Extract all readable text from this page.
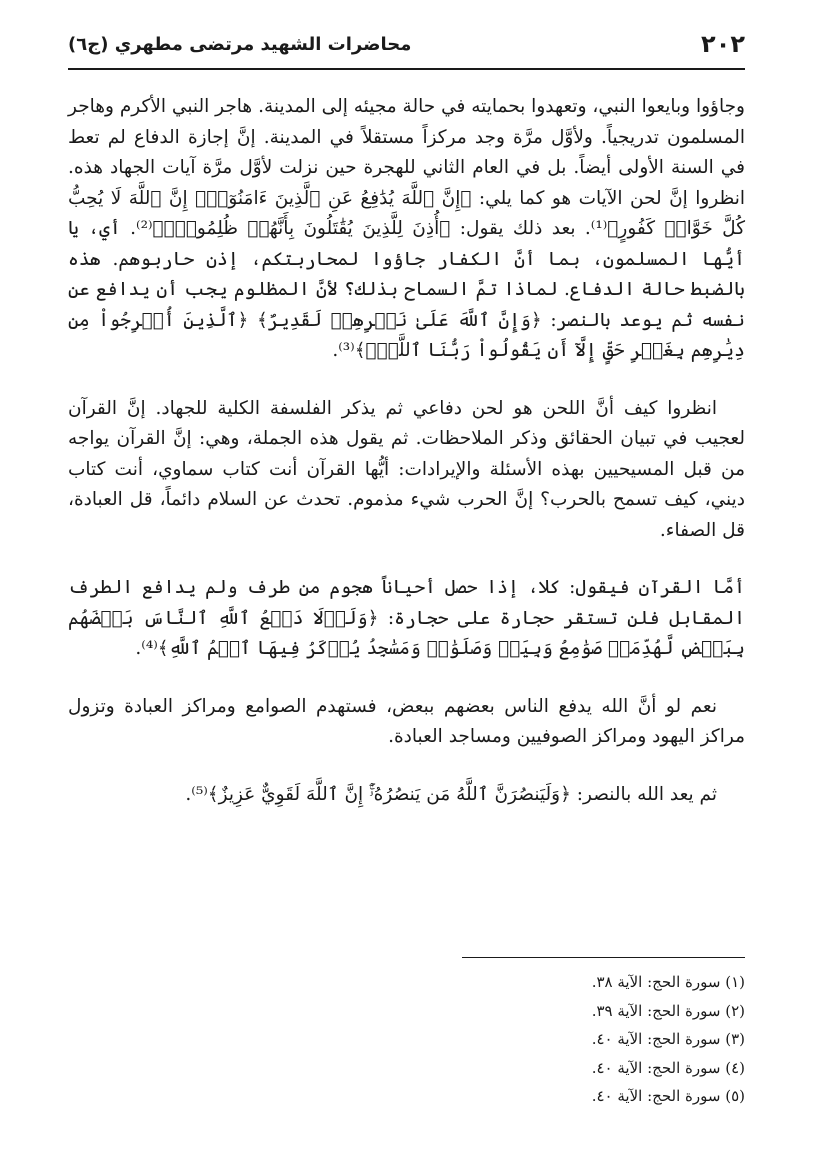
٢٠٢
محاضرات الشهيد مرتضى مطهري (ج٦)

وجاؤوا وبايعوا النبي، وتعهدوا بحمايته في حالة مجيئه إلى المدينة. هاجر النبي الأكرم وهاجر المسلمون تدريجياً. ولأوَّل مرَّة وجد مركزاً مستقلاً في المدينة. إنَّ إجازة الدفاع لم تعط في السنة الأولى أيضاً. بل في العام الثاني للهجرة حين نزلت لأوَّل مرَّة آيات الجهاد هذه. انظروا إنَّ لحن الآيات هو كما يلي: ﴿إِنَّ ٱللَّهَ يُدَٰفِعُ عَنِ ٱلَّذِينَ ءَامَنُوٓاْۗ إِنَّ ٱللَّهَ لَا يُحِبُّ كُلَّ خَوَّانٖ كَفُورٍ﴾⁽¹⁾. بعد ذلك يقول: ﴿أُذِنَ لِلَّذِينَ يُقَٰتَلُونَ بِأَنَّهُمۡ ظُلِمُواْۚ﴾⁽²⁾. أي، يا أيُّها المسلمون، بما أنَّ الكفار جاؤوا لمحاربتكم، إذن حاربوهم. هذه بالضبط حالة الدفاع. لماذا تمَّ السماح بذلك؟ لأنَّ المظلوم يجب أن يدافع عن نفسه ثم يوعد بالنصر: ﴿وَإِنَّ ٱللَّهَ عَلَىٰ نَصۡرِهِمۡ لَقَدِيرٌ﴾ ﴿ٱلَّذِينَ أُخۡرِجُواْ مِن دِيَٰرِهِم بِغَيۡرِ حَقٍّ إِلَّآ أَن يَقُولُواْ رَبُّنَا ٱللَّهُۗ﴾⁽³⁾.

انظروا كيف أنَّ اللحن هو لحن دفاعي ثم يذكر الفلسفة الكلية للجهاد. إنَّ القرآن لعجيب في تبيان الحقائق وذكر الملاحظات. ثم يقول هذه الجملة، وهي: إنَّ القرآن يواجه من قبل المسيحيين بهذه الأسئلة والإيرادات: أيُّها القرآن أنت كتاب سماوي، أنت كتاب ديني، كيف تسمح بالحرب؟ إنَّ الحرب شيء مذموم. تحدث عن السلام دائماً، قل العبادة، قل الصفاء.

أمَّا القرآن فيقول: كلا، إذا حصل أحياناً هجوم من طرف ولم يدافع الطرف المقابل فلن تستقر حجارة على حجارة: ﴿وَلَوۡلَا دَفۡعُ ٱللَّهِ ٱلنَّاسَ بَعۡضَهُم بِبَعۡضٖ لَّهُدِّمَتۡ صَوَٰمِعُ وَبِيَعٞ وَصَلَوَٰتٞ وَمَسَٰجِدُ يُذۡكَرُ فِيهَا ٱسۡمُ ٱللَّهِ﴾⁽⁴⁾.

نعم لو أنَّ الله يدفع الناس بعضهم ببعض، فستهدم الصوامع ومراكز العبادة وتزول مراكز اليهود ومراكز الصوفيين ومساجد العبادة.

ثم يعد الله بالنصر: ﴿وَلَيَنصُرَنَّ ٱللَّهُ مَن يَنصُرُهُۥٓۚ إِنَّ ٱللَّهَ لَقَوِيٌّ عَزِيزٌ﴾⁽⁵⁾.

(١) سورة الحج: الآية ٣٨.
(٢) سورة الحج: الآية ٣٩.
(٣) سورة الحج: الآية ٤٠.
(٤) سورة الحج: الآية ٤٠.
(٥) سورة الحج: الآية ٤٠.
